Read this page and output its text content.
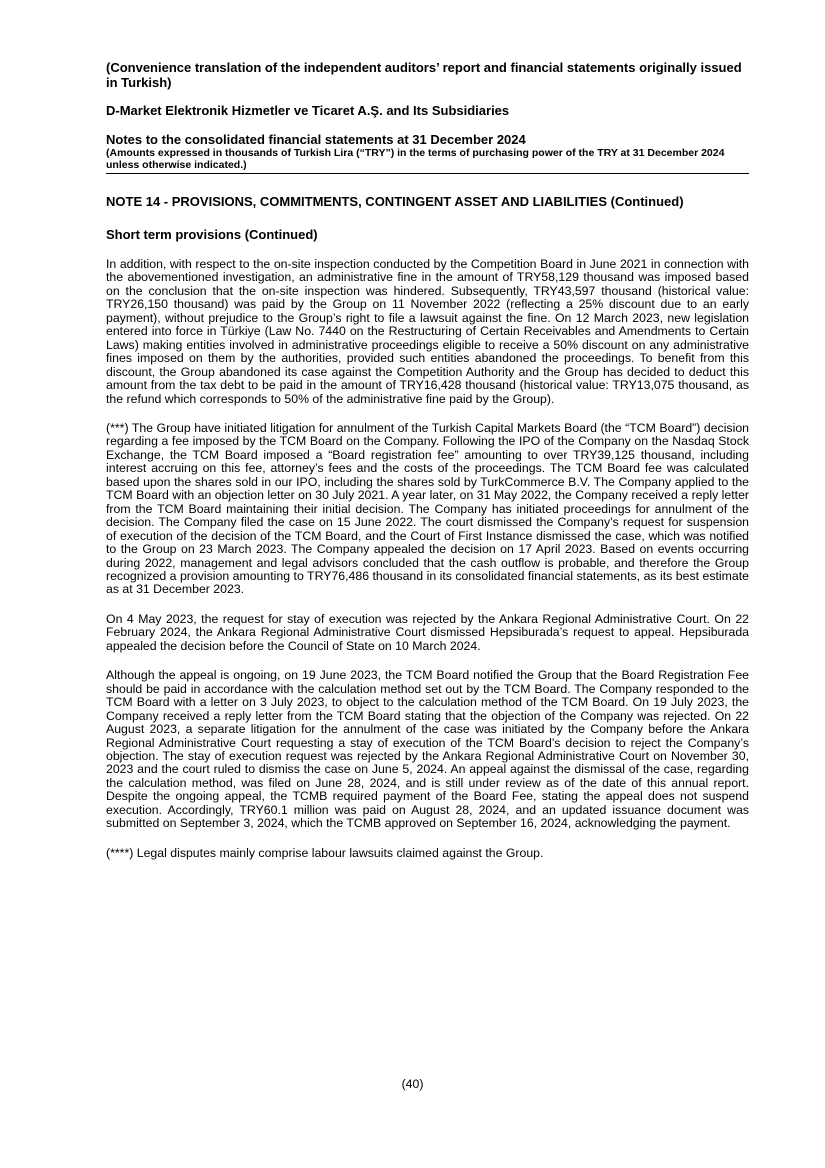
(Convenience translation of the independent auditors’ report and financial statements originally issued in Turkish)
D-Market Elektronik Hizmetler ve Ticaret A.Ş. and Its Subsidiaries
Notes to the consolidated financial statements at 31 December 2024
(Amounts expressed in thousands of Turkish Lira (“TRY”) in the terms of purchasing power of the TRY at 31 December 2024 unless otherwise indicated.)
NOTE 14 - PROVISIONS, COMMITMENTS, CONTINGENT ASSET AND LIABILITIES (Continued)
Short term provisions (Continued)

In addition, with respect to the on-site inspection conducted by the Competition Board in June 2021 in connection with the abovementioned investigation, an administrative fine in the amount of TRY58,129 thousand was imposed based on the conclusion that the on-site inspection was hindered. Subsequently, TRY43,597 thousand (historical value: TRY26,150 thousand) was paid by the Group on 11 November 2022 (reflecting a 25% discount due to an early payment), without prejudice to the Group’s right to file a lawsuit against the fine. On 12 March 2023, new legislation entered into force in Türkiye (Law No. 7440 on the Restructuring of Certain Receivables and Amendments to Certain Laws) making entities involved in administrative proceedings eligible to receive a 50% discount on any administrative fines imposed on them by the authorities, provided such entities abandoned the proceedings. To benefit from this discount, the Group abandoned its case against the Competition Authority and the Group has decided to deduct this amount from the tax debt to be paid in the amount of TRY16,428 thousand (historical value: TRY13,075 thousand, as the refund which corresponds to 50% of the administrative fine paid by the Group).

(***) The Group have initiated litigation for annulment of the Turkish Capital Markets Board (the “TCM Board”) decision regarding a fee imposed by the TCM Board on the Company. Following the IPO of the Company on the Nasdaq Stock Exchange, the TCM Board imposed a “Board registration fee” amounting to over TRY39,125 thousand, including interest accruing on this fee, attorney’s fees and the costs of the proceedings. The TCM Board fee was calculated based upon the shares sold in our IPO, including the shares sold by TurkCommerce B.V. The Company applied to the TCM Board with an objection letter on 30 July 2021. A year later, on 31 May 2022, the Company received a reply letter from the TCM Board maintaining their initial decision. The Company has initiated proceedings for annulment of the decision. The Company filed the case on 15 June 2022. The court dismissed the Company’s request for suspension of execution of the decision of the TCM Board, and the Court of First Instance dismissed the case, which was notified to the Group on 23 March 2023. The Company appealed the decision on 17 April 2023. Based on events occurring during 2022, management and legal advisors concluded that the cash outflow is probable, and therefore the Group recognized a provision amounting to TRY76,486 thousand in its consolidated financial statements, as its best estimate as at 31 December 2023.

On 4 May 2023, the request for stay of execution was rejected by the Ankara Regional Administrative Court. On 22 February 2024, the Ankara Regional Administrative Court dismissed Hepsiburada’s request to appeal. Hepsiburada appealed the decision before the Council of State on 10 March 2024.

Although the appeal is ongoing, on 19 June 2023, the TCM Board notified the Group that the Board Registration Fee should be paid in accordance with the calculation method set out by the TCM Board. The Company responded to the TCM Board with a letter on 3 July 2023, to object to the calculation method of the TCM Board. On 19 July 2023, the Company received a reply letter from the TCM Board stating that the objection of the Company was rejected. On 22 August 2023, a separate litigation for the annulment of the case was initiated by the Company before the Ankara Regional Administrative Court requesting a stay of execution of the TCM Board’s decision to reject the Company’s objection. The stay of execution request was rejected by the Ankara Regional Administrative Court on November 30, 2023 and the court ruled to dismiss the case on June 5, 2024. An appeal against the dismissal of the case, regarding the calculation method, was filed on June 28, 2024, and is still under review as of the date of this annual report. Despite the ongoing appeal, the TCMB required payment of the Board Fee, stating the appeal does not suspend execution. Accordingly, TRY60.1 million was paid on August 28, 2024, and an updated issuance document was submitted on September 3, 2024, which the TCMB approved on September 16, 2024, acknowledging the payment.

(****) Legal disputes mainly comprise labour lawsuits claimed against the Group.

(40)
